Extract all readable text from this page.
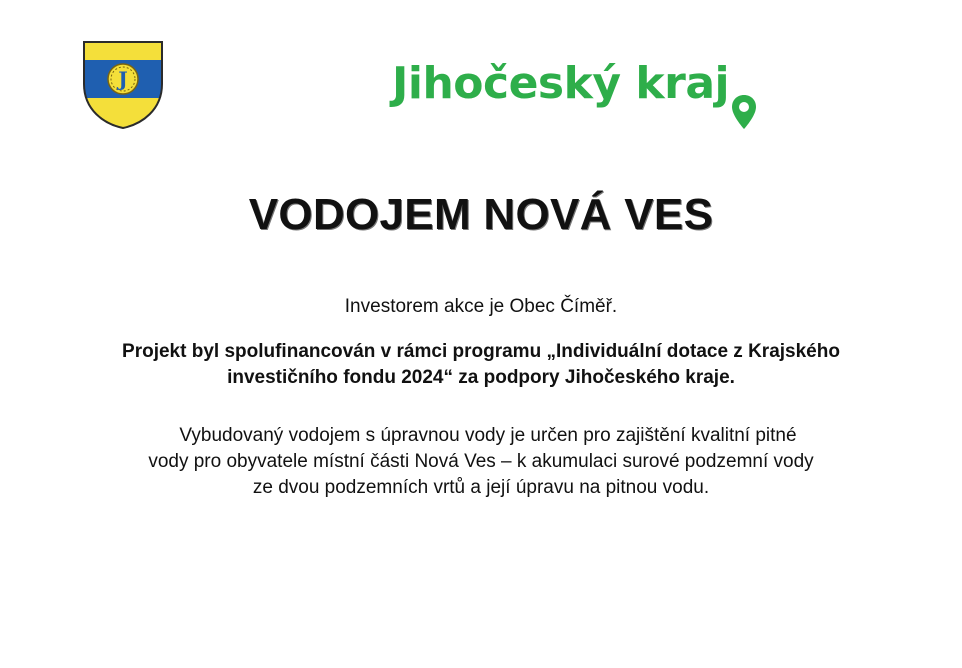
J	Jihočeský kraj
VODOJEM NOVÁ VES
Investorem akce je Obec Číměř.
Projekt byl spolufinancován v rámci programu „Individuální dotace z Krajského
investičního fondu 2024“ za podpory Jihočeského kraje.
Vybudovaný vodojem s úpravnou vody je určen pro zajištění kvalitní pitné
vody pro obyvatele místní části Nová Ves – k akumulaci surové podzemní vody
ze dvou podzemních vrtů a její úpravu na pitnou vodu.
